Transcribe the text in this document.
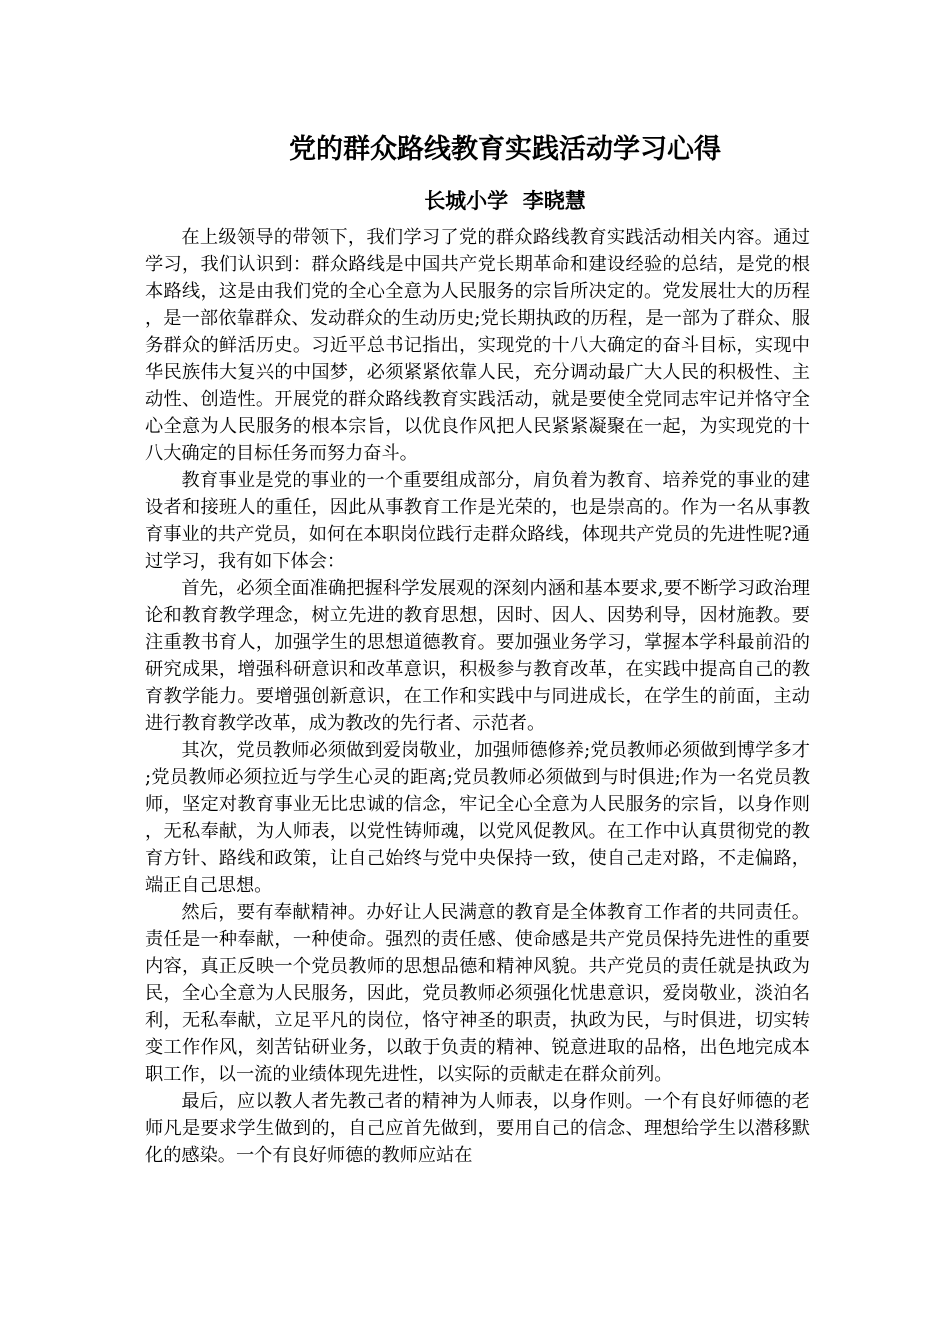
党的群众路线教育实践活动学习心得
长城小学  李晓慧

在上级领导的带领下，我们学习了党的群众路线教育实践活动相关内容。通过学习，我们认识到：群众路线是中国共产党长期革命和建设经验的总结，是党的根本路线，这是由我们党的全心全意为人民服务的宗旨所决定的。党发展壮大的历程，是一部依靠群众、发动群众的生动历史;党长期执政的历程，是一部为了群众、服务群众的鲜活历史。习近平总书记指出，实现党的十八大确定的奋斗目标，实现中华民族伟大复兴的中国梦，必须紧紧依靠人民，充分调动最广大人民的积极性、主动性、创造性。开展党的群众路线教育实践活动，就是要使全党同志牢记并恪守全心全意为人民服务的根本宗旨，以优良作风把人民紧紧凝聚在一起，为实现党的十八大确定的目标任务而努力奋斗。

教育事业是党的事业的一个重要组成部分，肩负着为教育、培养党的事业的建设者和接班人的重任，因此从事教育工作是光荣的，也是崇高的。作为一名从事教育事业的共产党员，如何在本职岗位践行走群众路线，体现共产党员的先进性呢?通过学习，我有如下体会：

首先，必须全面准确把握科学发展观的深刻内涵和基本要求,要不断学习政治理论和教育教学理念，树立先进的教育思想，因时、因人、因势利导，因材施教。要注重教书育人，加强学生的思想道德教育。要加强业务学习，掌握本学科最前沿的研究成果，增强科研意识和改革意识，积极参与教育改革，在实践中提高自己的教育教学能力。要增强创新意识，在工作和实践中与同进成长，在学生的前面，主动进行教育教学改革，成为教改的先行者、示范者。

其次，党员教师必须做到爱岗敬业，加强师德修养;党员教师必须做到博学多才;党员教师必须拉近与学生心灵的距离;党员教师必须做到与时俱进;作为一名党员教师，坚定对教育事业无比忠诚的信念，牢记全心全意为人民服务的宗旨，以身作则，无私奉献，为人师表，以党性铸师魂，以党风促教风。在工作中认真贯彻党的教育方针、路线和政策，让自己始终与党中央保持一致，使自己走对路，不走偏路，端正自己思想。

然后，要有奉献精神。办好让人民满意的教育是全体教育工作者的共同责任。责任是一种奉献，一种使命。强烈的责任感、使命感是共产党员保持先进性的重要内容，真正反映一个党员教师的思想品德和精神风貌。共产党员的责任就是执政为民，全心全意为人民服务，因此，党员教师必须强化忧患意识，爱岗敬业，淡泊名利，无私奉献，立足平凡的岗位，恪守神圣的职责，执政为民，与时俱进，切实转变工作作风，刻苦钻研业务，以敢于负责的精神、锐意进取的品格，出色地完成本职工作，以一流的业绩体现先进性，以实际的贡献走在群众前列。

最后，应以教人者先教己者的精神为人师表，以身作则。一个有良好师德的老师凡是要求学生做到的，自己应首先做到，要用自己的信念、理想给学生以潜移默化的感染。一个有良好师德的教师应站在
